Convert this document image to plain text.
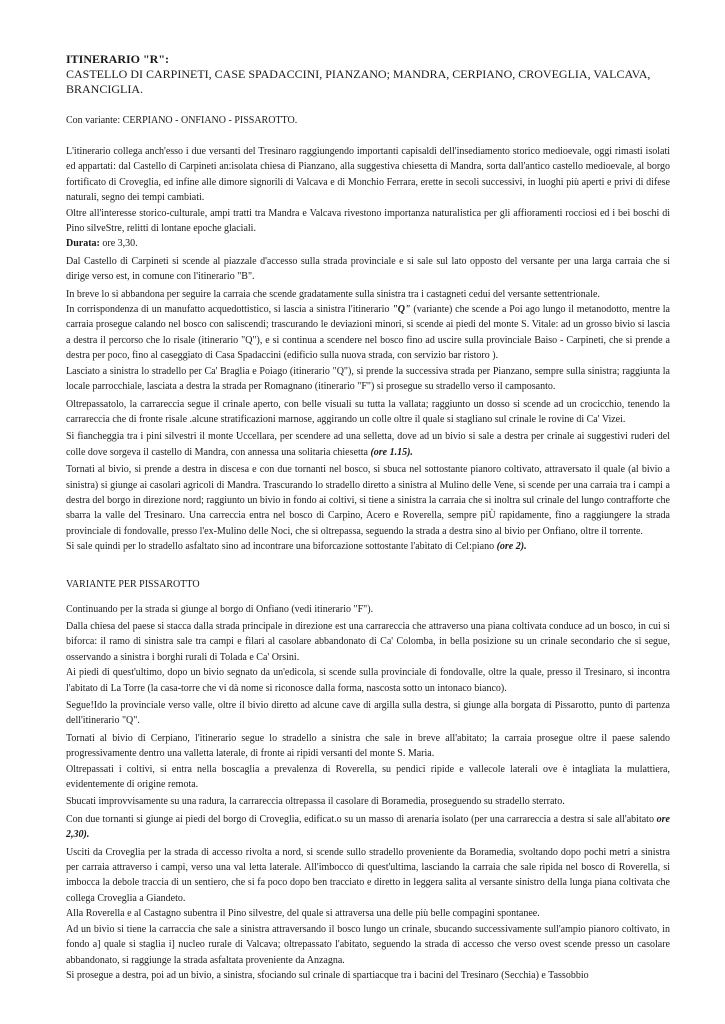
ITINERARIO "R":

CASTELLO DI CARPINETI, CASE SPADACCINI, PIANZANO; MANDRA, CERPIANO, CROVEGLIA, VALCAVA, BRANCIGLIA.

Con variante: CERPIANO - ONFIANO - PISSAROTTO.

L'itinerario collega anch'esso i due versanti del Tresinaro raggiungendo importanti capisaldi dell'insediamento storico medioevale, oggi rimasti isolati ed appartati: dal Castello di Carpineti an:isolata chiesa di Pianzano, alla suggestiva chiesetta di Mandra, sorta dall'antico castello medioevale, al borgo fortificato di Croveglia, ed infine alle dimore signorili di Valcava e di Monchio Ferrara, erette in secoli successivi, in luoghi più aperti e privi di difese naturali, segno dei tempi cambiati.

Oltre all'interesse storico-culturale, ampi tratti tra Mandra e Valcava rivestono importanza naturalistica per gli affioramenti rocciosi ed i bei boschi di Pino silveStre, relitti di lontane epoche glaciali.

Durata: ore 3,30.

Dal Castello di Carpineti si scende al piazzale d'accesso sulla strada provinciale e si sale sul lato opposto del versante per una larga carraia che si dirige verso est, in comune con l'itinerario "B".

In breve lo si abbandona per seguire la carraia che scende gradatamente sulla sinistra tra i castagneti cedui del versante settentrionale.

In corrispondenza di un manufatto acquedottistico, si lascia a sinistra l'itinerario "Q" (variante) che scende a Poi ago lungo il metanodotto, mentre la carraia prosegue calando nel bosco con saliscendi; trascurando le deviazioni minori, si scende ai piedi del monte S. Vitale: ad un grosso bivio si lascia a destra il percorso che lo risale (itinerario "Q"), e si continua a scendere nel bosco fino ad uscire sulla provinciale Baiso - Carpineti, che si prende a destra per poco, fino al caseggiato di Casa Spadaccini (edificio sulla nuova strada, con servizio bar ristoro ).

Lasciato a sinistra lo stradello per Ca' Braglia e Poiago (itinerario "Q"), si prende la successiva strada per Pianzano, sempre sulla sinistra; raggiunta la locale parrocchiale, lasciata a destra la strada per Romagnano (itinerario "F") si prosegue su stradello verso il camposanto.

Oltrepassatolo, la carrareccia segue il crinale aperto, con belle visuali su tutta la vallata; raggiunto un dosso si scende ad un crocicchio, tenendo la carrareccia che di fronte risale .alcune stratificazioni marnose, aggirando un colle oltre il quale si stagliano sul crinale le rovine di Ca' Vizei.

Si fiancheggia tra i pini silvestri il monte Uccellara, per scendere ad una selletta, dove ad un bivio si sale a destra per crinale ai suggestivi ruderi del colle dove sorgeva il castello di Mandra, con annessa una solitaria chiesetta (ore 1.15).

Tornati al bivio, si prende a destra in discesa e con due tornanti nel bosco, si sbuca nel sottostante pianoro coltivato, attraversato il quale (al bivio a sinistra) si giunge ai casolari agricoli di Mandra. Trascurando lo stradello diretto a sinistra al Mulino delle Vene, si scende per una carraia tra i campi a destra del borgo in direzione nord; raggiunto un bivio in fondo ai coltivi, si tiene a sinistra la carraia che si inoltra sul crinale del lungo contrafforte che sbarra la valle del Tresinaro. Una carreccia entra nel bosco di Carpino, Acero e Roverella, sempre piÙ rapidamente, fino a raggiungere la strada provinciale di fondovalle, presso l'ex-Mulino delle Noci, che si oltrepassa, seguendo la strada a destra sino al bivio per Onfiano, oltre il torrente.

Si sale quindi per lo stradello asfaltato sino ad incontrare una biforcazione sottostante l'abitato di Cel:piano (ore 2).

VARIANTE PER PISSAROTTO

Continuando per la strada si giunge al borgo di Onfiano (vedi itinerario "F").

Dalla chiesa del paese si stacca dalla strada principale in direzione est una carrareccia che attraverso una piana coltivata conduce ad un bosco, in cui si biforca: il ramo di sinistra sale tra campi e filari al casolare abbandonato di Ca' Colomba, in bella posizione su un crinale secondario che si segue, osservando a sinistra i borghi rurali di Tolada e Ca' Orsini.

Ai piedi di quest'ultimo, dopo un bivio segnato da un'edicola, si scende sulla provinciale di fondovalle, oltre la quale, presso il Tresinaro, si incontra l'abitato di La Torre (la casa-torre che vi dà nome si riconosce dalla forma, nascosta sotto un intonaco bianco).

Segue!Ido la provinciale verso valle, oltre il bivio diretto ad alcune cave di argilla sulla destra, si giunge alla borgata di Pissarotto, punto di partenza dell'itinerario "Q".

Tornati al bivio di Cerpiano, l'itinerario segue lo stradello a sinistra che sale in breve all'abitato; la carraia prosegue oltre il paese salendo progressivamente dentro una valletta laterale, di fronte ai ripidi versanti del monte S. Maria.

Oltrepassati i coltivi, si entra nella boscaglia a prevalenza di Roverella, su pendici ripide e vallecole laterali ove è intagliata la mulattiera, evidentemente di origine remota.

Sbucati improvvisamente su una radura, la carrareccia oltrepassa il casolare di Boramedia, proseguendo su stradello sterrato.

Con due tornanti si giunge ai piedi del borgo di Croveglia, edificat.o su un masso di arenaria isolato (per una carrareccia a destra si sale all'abitato ore 2,30).

Usciti da Croveglia per la strada di accesso rivolta a nord, si scende sullo stradello proveniente da Boramedia, svoltando dopo pochi metri a sinistra per carraia attraverso i campi, verso una val letta laterale. All'imbocco di quest'ultima, lasciando la carraia che sale ripida nel bosco di Roverella, si imbocca la debole traccia di un sentiero, che si fa poco dopo ben tracciato e diretto in leggera salita al versante sinistro della lunga piana coltivata che collega Croveglia a Giandeto.

Alla Roverella e al Castagno subentra il Pino silvestre, del quale si attraversa una delle più belle compagini spontanee.

Ad un bivio si tiene la carraccia che sale a sinistra attraversando il bosco lungo un crinale, sbucando successivamente sull'ampio pianoro coltivato, in fondo a] quale si staglia i] nucleo rurale di Valcava; oltrepassato l'abitato, seguendo la strada di accesso che verso ovest scende presso un casolare abbandonato, si raggiunge la strada asfaltata proveniente da Anzagna.

Si prosegue a destra, poi ad un bivio, a sinistra, sfociando sul crinale di spartiacque tra i bacini del Tresinaro (Secchia) e Tassobbio
